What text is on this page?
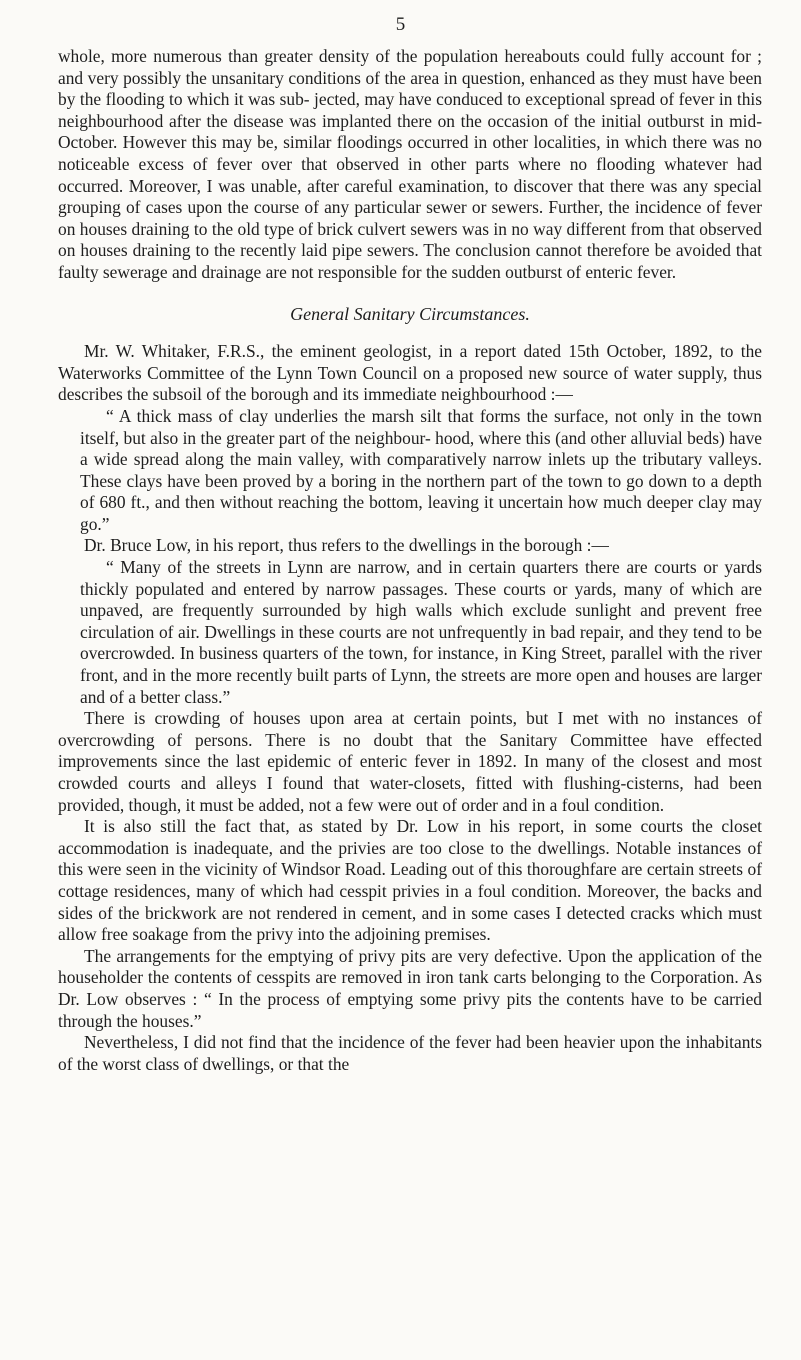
5

whole, more numerous than greater density of the population hereabouts could fully account for ; and very possibly the unsanitary conditions of the area in question, enhanced as they must have been by the flooding to which it was sub- jected, may have conduced to exceptional spread of fever in this neighbourhood after the disease was implanted there on the occasion of the initial outburst in mid-October. However this may be, similar floodings occurred in other localities, in which there was no noticeable excess of fever over that observed in other parts where no flooding whatever had occurred. Moreover, I was unable, after careful examination, to discover that there was any special grouping of cases upon the course of any particular sewer or sewers. Further, the incidence of fever on houses draining to the old type of brick culvert sewers was in no way different from that observed on houses draining to the recently laid pipe sewers. The conclusion cannot therefore be avoided that faulty sewerage and drainage are not responsible for the sudden outburst of enteric fever.

General Sanitary Circumstances.

Mr. W. Whitaker, F.R.S., the eminent geologist, in a report dated 15th October, 1892, to the Waterworks Committee of the Lynn Town Council on a proposed new source of water supply, thus describes the subsoil of the borough and its immediate neighbourhood :—

“ A thick mass of clay underlies the marsh silt that forms the surface, not only in the town itself, but also in the greater part of the neighbour- hood, where this (and other alluvial beds) have a wide spread along the main valley, with comparatively narrow inlets up the tributary valleys. These clays have been proved by a boring in the northern part of the town to go down to a depth of 680 ft., and then without reaching the bottom, leaving it uncertain how much deeper clay may go.”

Dr. Bruce Low, in his report, thus refers to the dwellings in the borough :—

“ Many of the streets in Lynn are narrow, and in certain quarters there are courts or yards thickly populated and entered by narrow passages. These courts or yards, many of which are unpaved, are frequently surrounded by high walls which exclude sunlight and prevent free circulation of air. Dwellings in these courts are not unfrequently in bad repair, and they tend to be overcrowded. In business quarters of the town, for instance, in King Street, parallel with the river front, and in the more recently built parts of Lynn, the streets are more open and houses are larger and of a better class.”

There is crowding of houses upon area at certain points, but I met with no instances of overcrowding of persons. There is no doubt that the Sanitary Committee have effected improvements since the last epidemic of enteric fever in 1892. In many of the closest and most crowded courts and alleys I found that water-closets, fitted with flushing-cisterns, had been provided, though, it must be added, not a few were out of order and in a foul condition.

It is also still the fact that, as stated by Dr. Low in his report, in some courts the closet accommodation is inadequate, and the privies are too close to the dwellings. Notable instances of this were seen in the vicinity of Windsor Road. Leading out of this thoroughfare are certain streets of cottage residences, many of which had cesspit privies in a foul condition. Moreover, the backs and sides of the brickwork are not rendered in cement, and in some cases I detected cracks which must allow free soakage from the privy into the adjoining premises.

The arrangements for the emptying of privy pits are very defective. Upon the application of the householder the contents of cesspits are removed in iron tank carts belonging to the Corporation. As Dr. Low observes : “ In the process of emptying some privy pits the contents have to be carried through the houses.”

Nevertheless, I did not find that the incidence of the fever had been heavier upon the inhabitants of the worst class of dwellings, or that the
